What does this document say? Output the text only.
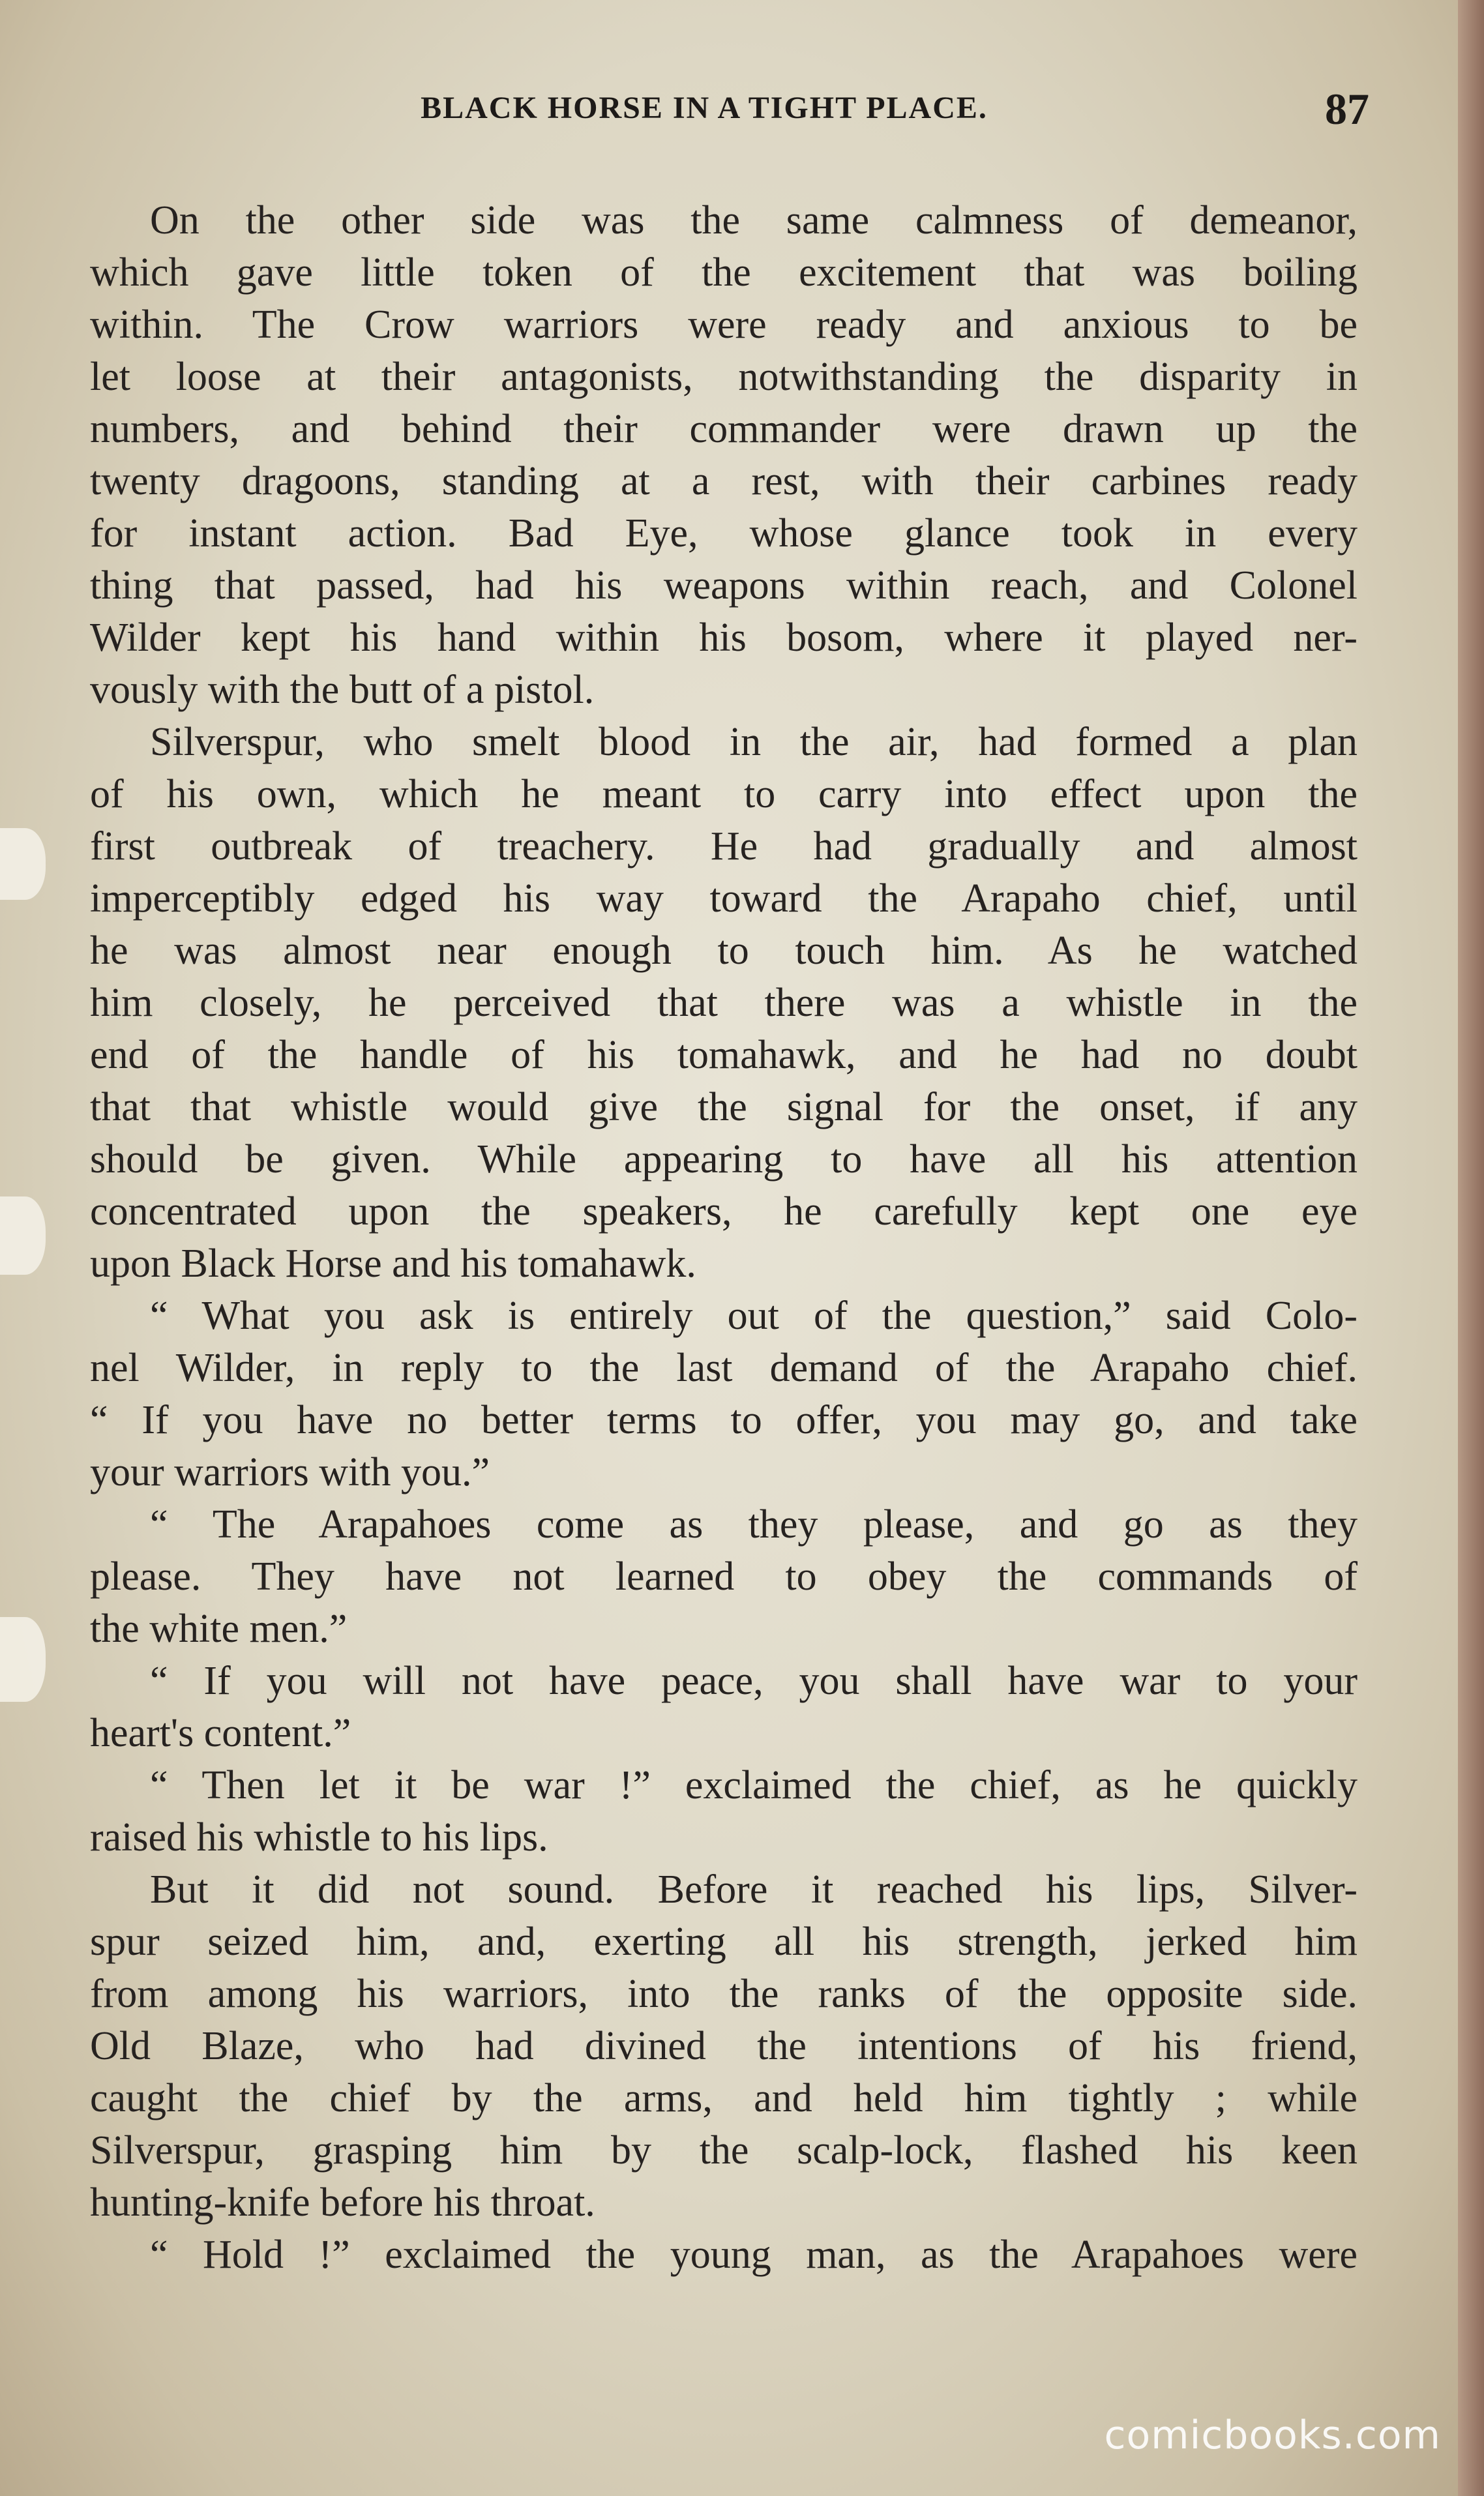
BLACK HORSE IN A TIGHT PLACE.	87
On the other side was the same calmness of demeanor,
which gave little token of the excitement that was boiling
within. The Crow warriors were ready and anxious to be
let loose at their antagonists, notwithstanding the disparity in
numbers, and behind their commander were drawn up the
twenty dragoons, standing at a rest, with their carbines ready
for instant action. Bad Eye, whose glance took in every
thing that passed, had his weapons within reach, and Colonel
Wilder kept his hand within his bosom, where it played ner-
vously with the butt of a pistol.
Silverspur, who smelt blood in the air, had formed a plan
of his own, which he meant to carry into effect upon the
first outbreak of treachery. He had gradually and almost
imperceptibly edged his way toward the Arapaho chief, until
he was almost near enough to touch him. As he watched
him closely, he perceived that there was a whistle in the
end of the handle of his tomahawk, and he had no doubt
that that whistle would give the signal for the onset, if any
should be given. While appearing to have all his attention
concentrated upon the speakers, he carefully kept one eye
upon Black Horse and his tomahawk.
“ What you ask is entirely out of the question,” said Colo-
nel Wilder, in reply to the last demand of the Arapaho chief.
“ If you have no better terms to offer, you may go, and take
your warriors with you.”
“ The Arapahoes come as they please, and go as they
please. They have not learned to obey the commands of
the white men.”
“ If you will not have peace, you shall have war to your
heart's content.”
“ Then let it be war !” exclaimed the chief, as he quickly
raised his whistle to his lips.
But it did not sound. Before it reached his lips, Silver-
spur seized him, and, exerting all his strength, jerked him
from among his warriors, into the ranks of the opposite side.
Old Blaze, who had divined the intentions of his friend,
caught the chief by the arms, and held him tightly ; while
Silverspur, grasping him by the scalp-lock, flashed his keen
hunting-knife before his throat.
“ Hold !” exclaimed the young man, as the Arapahoes were
comicbooks.com
